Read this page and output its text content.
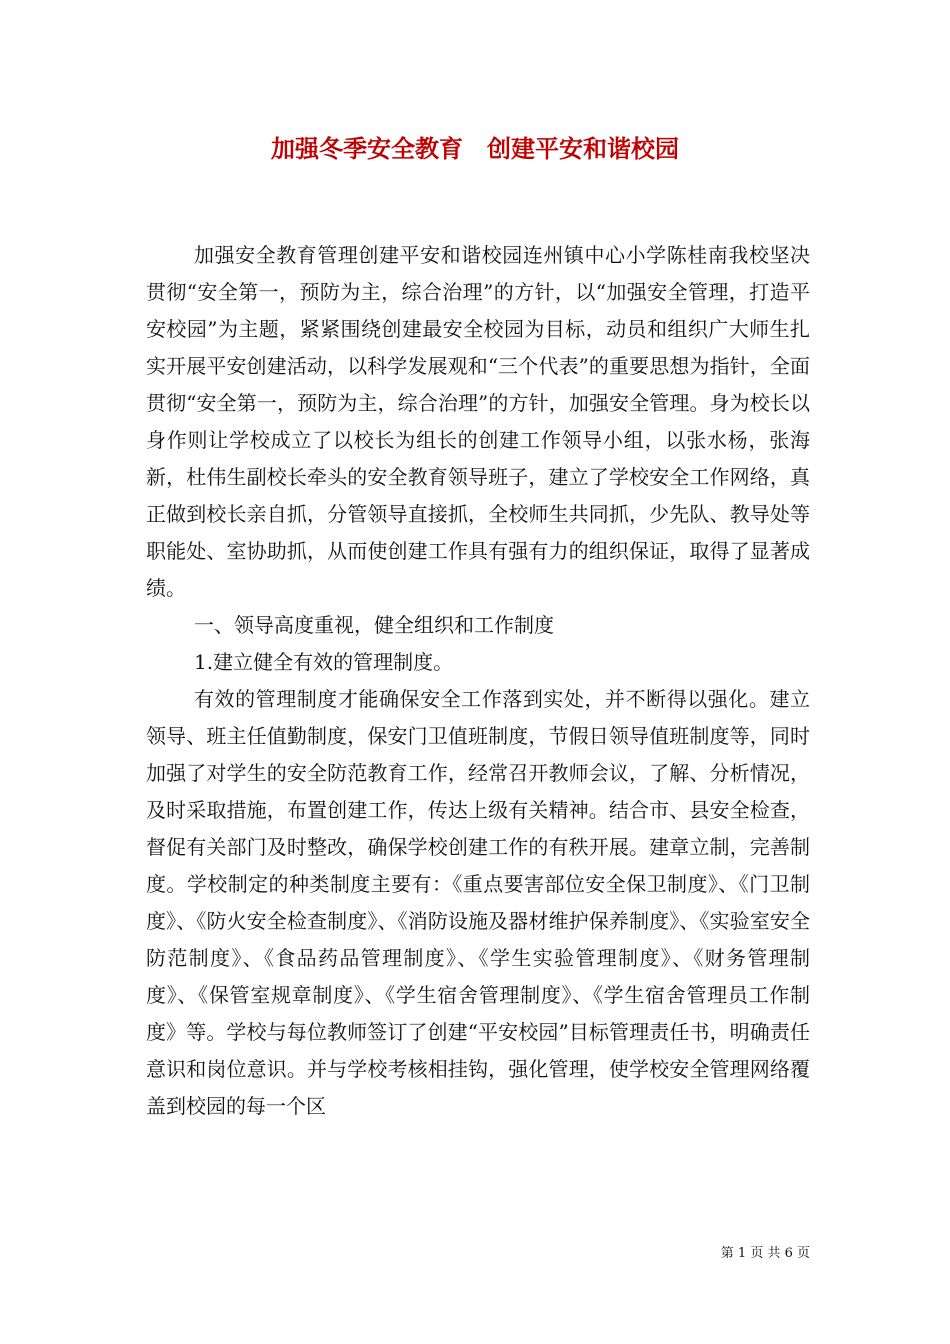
加强冬季安全教育　创建平安和谐校园

加强安全教育管理创建平安和谐校园连州镇中心小学陈桂南我校坚决贯彻“安全第一，预防为主，综合治理”的方针，以“加强安全管理，打造平安校园”为主题，紧紧围绕创建最安全校园为目标，动员和组织广大师生扎实开展平安创建活动，以科学发展观和“三个代表”的重要思想为指针，全面贯彻“安全第一，预防为主，综合治理”的方针，加强安全管理。身为校长以身作则让学校成立了以校长为组长的创建工作领导小组，以张水杨，张海新，杜伟生副校长牵头的安全教育领导班子，建立了学校安全工作网络，真正做到校长亲自抓，分管领导直接抓，全校师生共同抓，少先队、教导处等职能处、室协助抓，从而使创建工作具有强有力的组织保证，取得了显著成绩。

一、领导高度重视，健全组织和工作制度

1.建立健全有效的管理制度。

有效的管理制度才能确保安全工作落到实处，并不断得以强化。建立领导、班主任值勤制度，保安门卫值班制度，节假日领导值班制度等，同时加强了对学生的安全防范教育工作，经常召开教师会议，了解、分析情况，及时采取措施，布置创建工作，传达上级有关精神。结合市、县安全检查，督促有关部门及时整改，确保学校创建工作的有秩开展。建章立制，完善制度。学校制定的种类制度主要有：《重点要害部位安全保卫制度》、《门卫制度》、《防火安全检查制度》、《消防设施及器材维护保养制度》、《实验室安全防范制度》、《食品药品管理制度》、《学生实验管理制度》、《财务管理制度》、《保管室规章制度》、《学生宿舍管理制度》、《学生宿舍管理员工作制度》等。学校与每位教师签订了创建“平安校园”目标管理责任书，明确责任意识和岗位意识。并与学校考核相挂钩，强化管理，使学校安全管理网络覆盖到校园的每一个区

第 1 页 共 6 页
